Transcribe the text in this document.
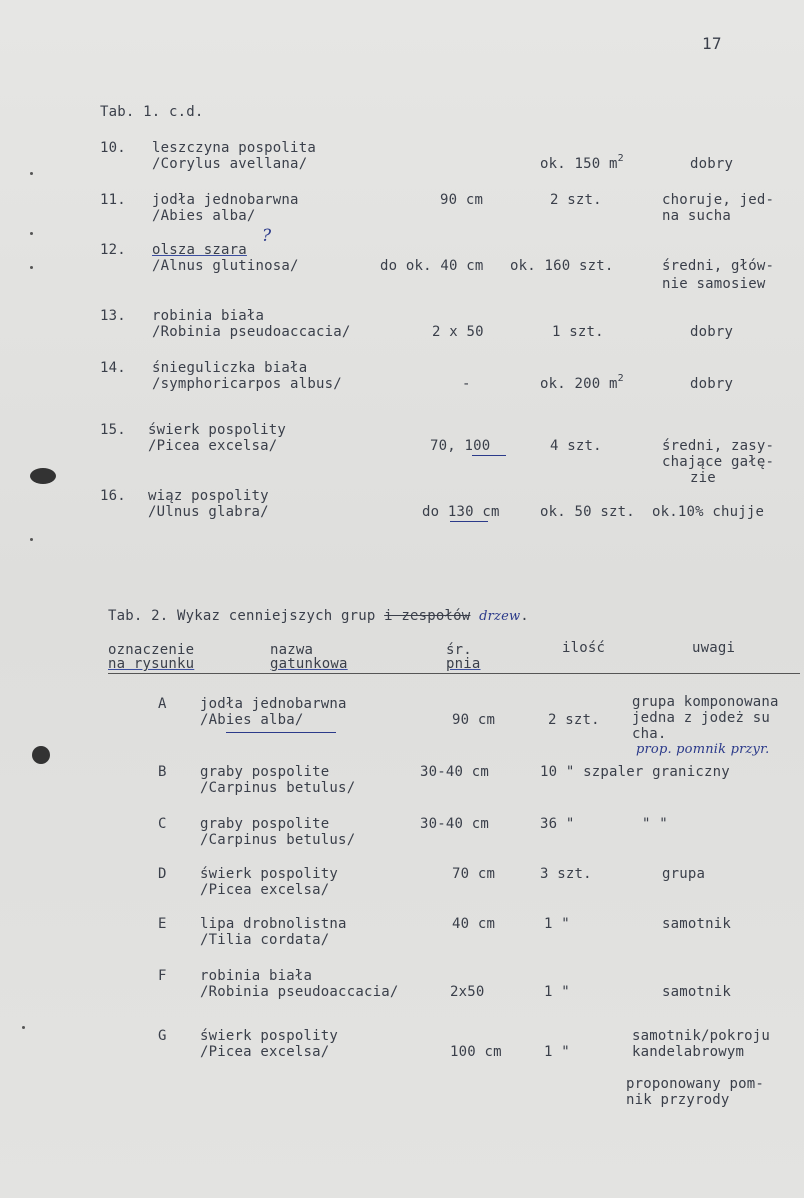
17
Tab. 1. c.d.
10. leszczyna pospolita
/Corylus avellana/	ok. 150 $m^2$	dobry
11. jodła jednobarwna
/Abies alba/
90 cm	2 szt.	choruje, jed-
na sucha
12. olsza szara
?
/Alnus glutinosa/	do ok. 40 cm ok. 160 szt.	średni, głów-
nie samosiew
13. robinia biała
/Robinia pseudoaccacia/	2 x 50	1 szt.	dobry
14. śnieguliczka biała
/symphoricarpos albus/	-	ok. 200 $m^2$	dobry
15. świerk pospolity
/Picea excelsa/	70, 100	4 szt.	średni, zasy-
chające gałę-
zie
16. wiąz pospolity
/Ulnus glabra/	do 130 cm	ok. 50 szt. ok.10% chujje
Tab. 2. Wykaz cenniejszych grup i zespołów drzew.
oznaczenie
na rysunku
nazwa
gatunkowa
śr.
pnia
ilość	uwagi
A jodła jednobarwna
/Abies alba/	90 cm	2 szt.
grupa komponowana
jedna z jodeż su
cha.
prop. pomnik przyr.
B graby pospolite
/Carpinus betulus/
30-40 cm	10 " szpaler graniczny
C graby pospolite
/Carpinus betulus/
30-40 cm	36 "	" "
D świerk pospolity
/Picea excelsa/
70 cm	3 szt.	grupa
E lipa drobnolistna
/Tilia cordata/
40 cm	1 "	samotnik
F robinia biała
/Robinia pseudoaccacia/	2x50	1 "	samotnik
G świerk pospolity
/Picea excelsa/	100 cm	1 "
samotnik/pokroju
kandelabrowym
proponowany pom-
nik przyrody
